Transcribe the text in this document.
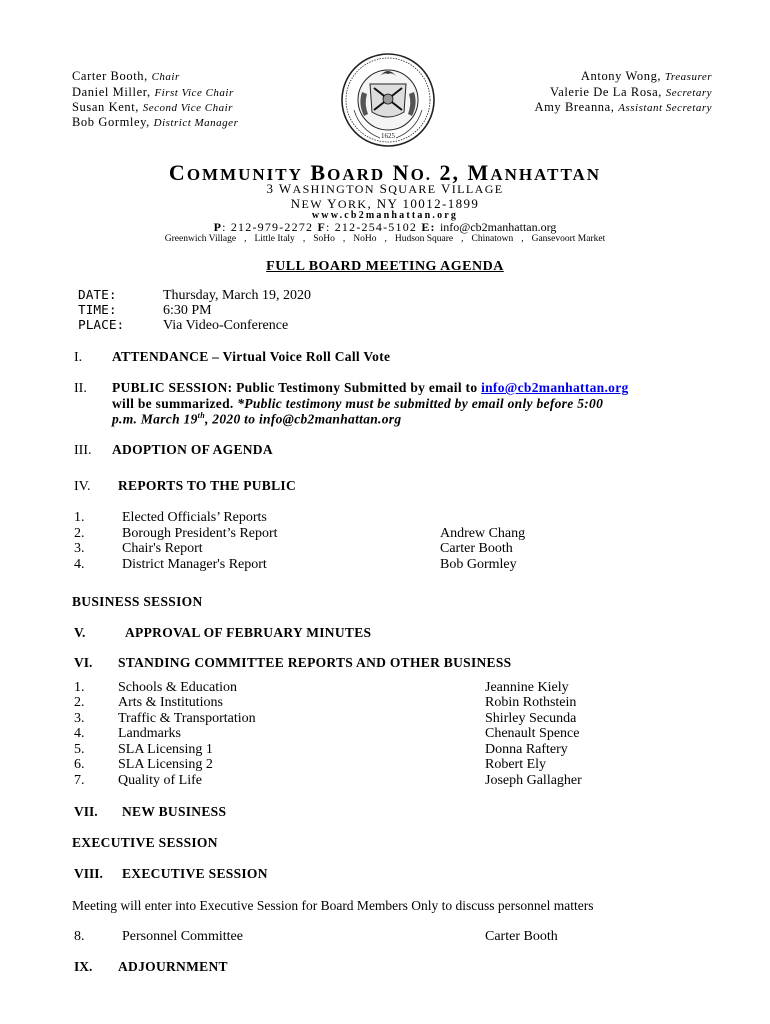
Carter Booth, Chair
Daniel Miller, First Vice Chair
Susan Kent, Second Vice Chair
Bob Gormley, District Manager
Antony Wong, Treasurer
Valerie De La Rosa, Secretary
Amy Breanna, Assistant Secretary
1625
COMMUNITY BOARD NO. 2, MANHATTAN
3 WASHINGTON SQUARE VILLAGE
NEW YORK, NY 10012-1899
www.cb2manhattan.org
P: 212-979-2272 F: 212-254-5102 E: info@cb2manhattan.org
Greenwich Village , Little Italy , SoHo , NoHo , Hudson Square , Chinatown , Gansevoort Market
FULL BOARD MEETING AGENDA
DATE:	Thursday, March 19, 2020
TIME:	6:30 PM
PLACE:	Via Video-Conference
I. ATTENDANCE – Virtual Voice Roll Call Vote
II. PUBLIC SESSION: Public Testimony Submitted by email to info@cb2manhattan.org
will be summarized. *Public testimony must be submitted by email only before 5:00
p.m. March 19th, 2020 to info@cb2manhattan.org
III. ADOPTION OF AGENDA
IV. REPORTS TO THE PUBLIC
1.	Elected Officials’ Reports
2.	Borough President’s Report	Andrew Chang
3.	Chair's Report	Carter Booth
4.	District Manager's Report	Bob Gormley
BUSINESS SESSION
V.	APPROVAL OF FEBRUARY MINUTES
VI. STANDING COMMITTEE REPORTS AND OTHER BUSINESS
1. Schools & Education	Jeannine Kiely
2. Arts & Institutions	Robin Rothstein
3. Traffic & Transportation	Shirley Secunda
4. Landmarks	Chenault Spence
5. SLA Licensing 1	Donna Raftery
6. SLA Licensing 2	Robert Ely
7. Quality of Life	Joseph Gallagher
VII. NEW BUSINESS
EXECUTIVE SESSION
VIII. EXECUTIVE SESSION
Meeting will enter into Executive Session for Board Members Only to discuss personnel matters
8.	Personnel Committee	Carter Booth
IX. ADJOURNMENT
